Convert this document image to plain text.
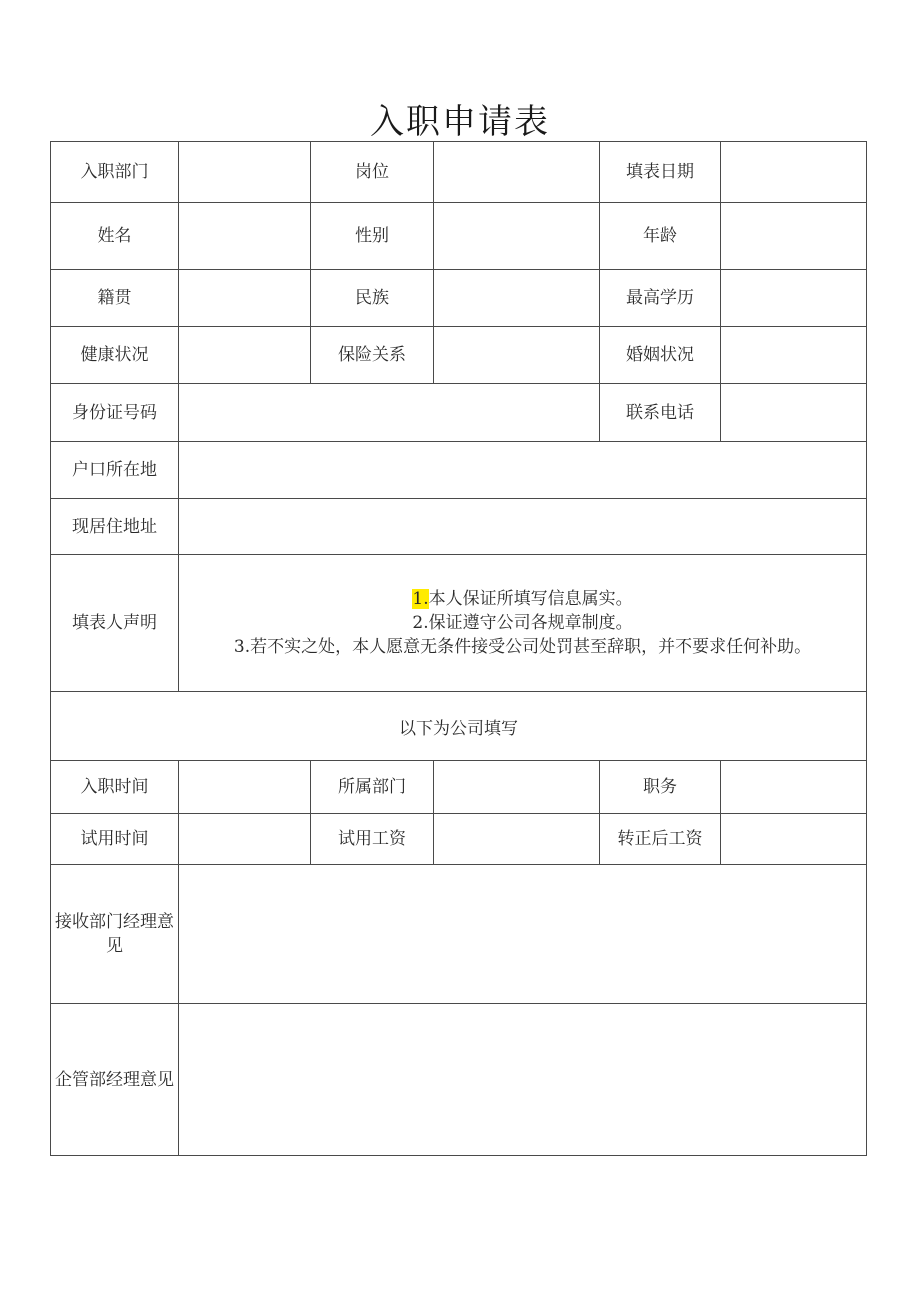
入职申请表
入职部门		岗位		填表日期	
姓名		性别		年龄	
籍贯		民族		最高学历	
健康状况		保险关系		婚姻状况	
身份证号码				联系电话	
户口所在地					
现居住地址					
填表人声明	1.本人保证所填写信息属实。
2.保证遵守公司各规章制度。
3.若不实之处，本人愿意无条件接受公司处罚甚至辞职，并不要求任何补助。				

以下为公司填写					
入职时间		所属部门		职务	
试用时间		试用工资		转正后工资	
接收部门经理意见					
企管部经理意见					
